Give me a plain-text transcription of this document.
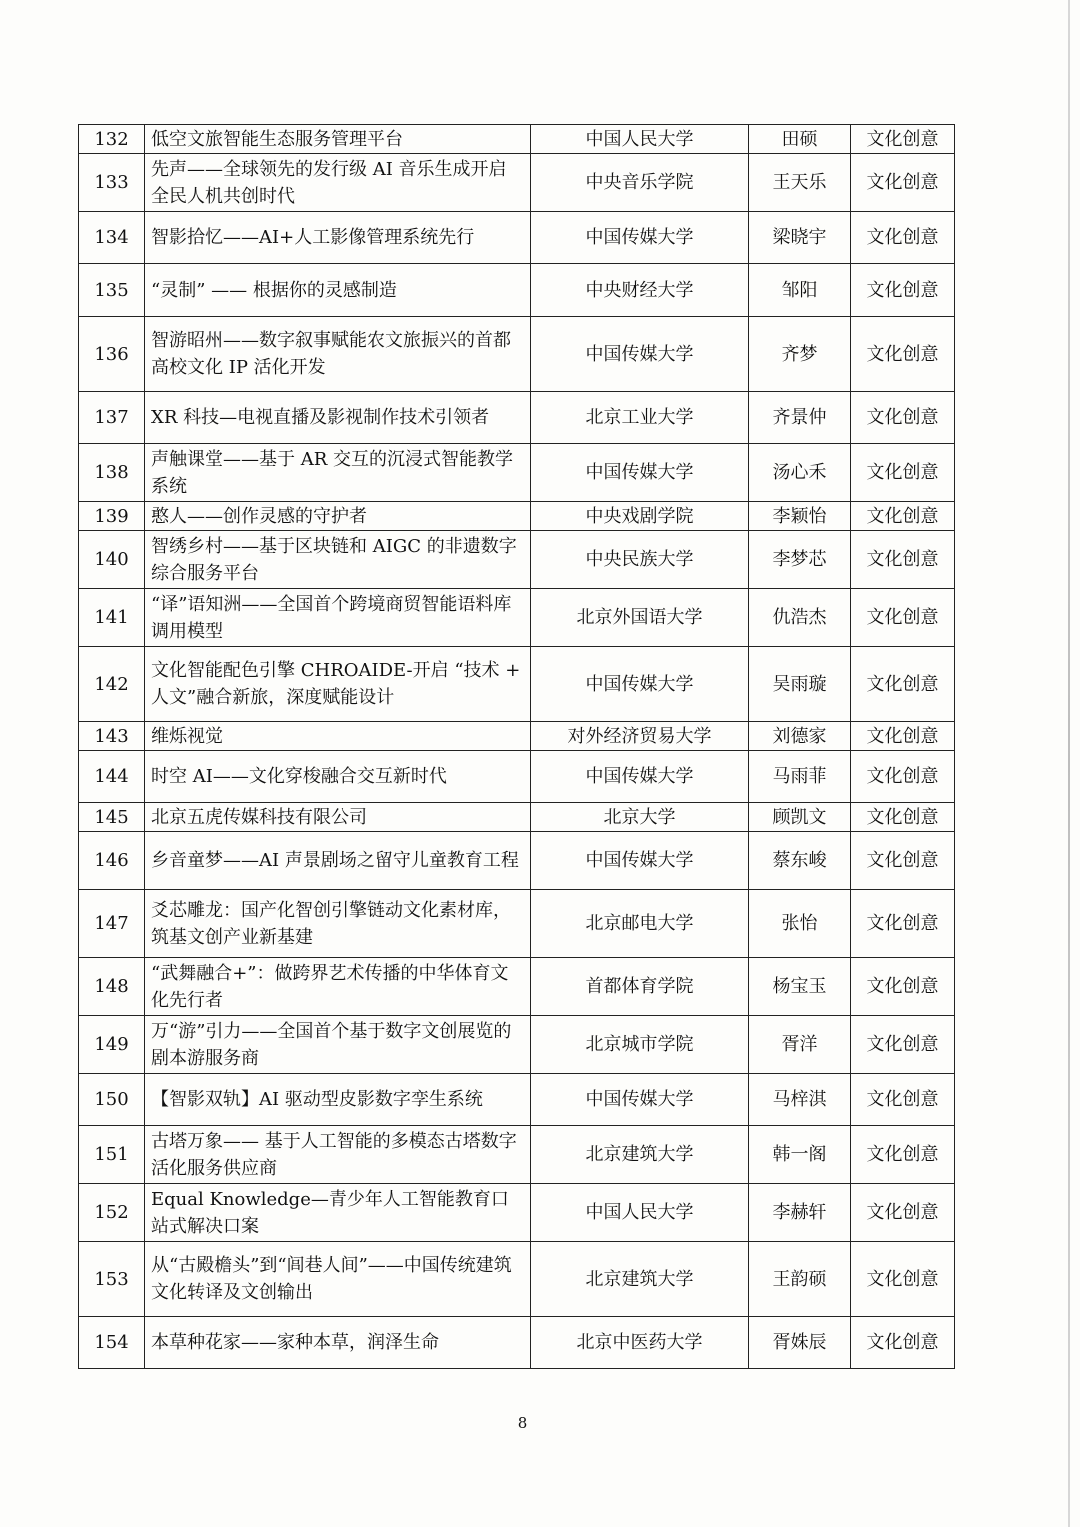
132	低空文旅智能生态服务管理平台	中国人民大学	田硕	文化创意
133	先声——全球领先的发行级 AI 音乐生成开启全民人机共创时代	中央音乐学院	王天乐	文化创意
134	智影拾忆——AI+人工影像管理系统先行	中国传媒大学	梁晓宇	文化创意
135	“灵制” —— 根据你的灵感制造	中央财经大学	邹阳	文化创意
136	智游昭州——数字叙事赋能农文旅振兴的首都高校文化 IP 活化开发	中国传媒大学	齐梦	文化创意
137	XR 科技—电视直播及影视制作技术引领者	北京工业大学	齐景仲	文化创意
138	声触课堂——基于 AR 交互的沉浸式智能教学系统	中国传媒大学	汤心禾	文化创意
139	憨人——创作灵感的守护者	中央戏剧学院	李颖怡	文化创意
140	智绣乡村——基于区块链和 AIGC 的非遗数字综合服务平台	中央民族大学	李梦芯	文化创意
141	“译”语知洲——全国首个跨境商贸智能语料库调用模型	北京外国语大学	仇浩杰	文化创意
142	文化智能配色引擎 CHROAIDE-开启 “技术 + 人文”融合新旅，深度赋能设计	中国传媒大学	吴雨璇	文化创意
143	维烁视觉	对外经济贸易大学	刘德家	文化创意
144	时空 AI——文化穿梭融合交互新时代	中国传媒大学	马雨菲	文化创意
145	北京五虎传媒科技有限公司	北京大学	顾凯文	文化创意
146	乡音童梦——AI 声景剧场之留守儿童教育工程	中国传媒大学	蔡东峻	文化创意
147	爻芯雕龙：国产化智创引擎链动文化素材库，筑基文创产业新基建	北京邮电大学	张怡	文化创意
148	“武舞融合+”：做跨界艺术传播的中华体育文化先行者	首都体育学院	杨宝玉	文化创意
149	万“游”引力——全国首个基于数字文创展览的剧本游服务商	北京城市学院	胥洋	文化创意
150	【智影双轨】AI 驱动型皮影数字孪生系统	中国传媒大学	马梓淇	文化创意
151	古塔万象—— 基于人工智能的多模态古塔数字活化服务供应商	北京建筑大学	韩一阁	文化创意
152	Equal Knowledge—青少年人工智能教育口站式解决口案	中国人民大学	李赫轩	文化创意
153	从“古殿檐头”到“闾巷人间”——中国传统建筑文化转译及文创输出	北京建筑大学	王韵硕	文化创意
154	本草种花家——家种本草，润泽生命	北京中医药大学	胥姝辰	文化创意
8
